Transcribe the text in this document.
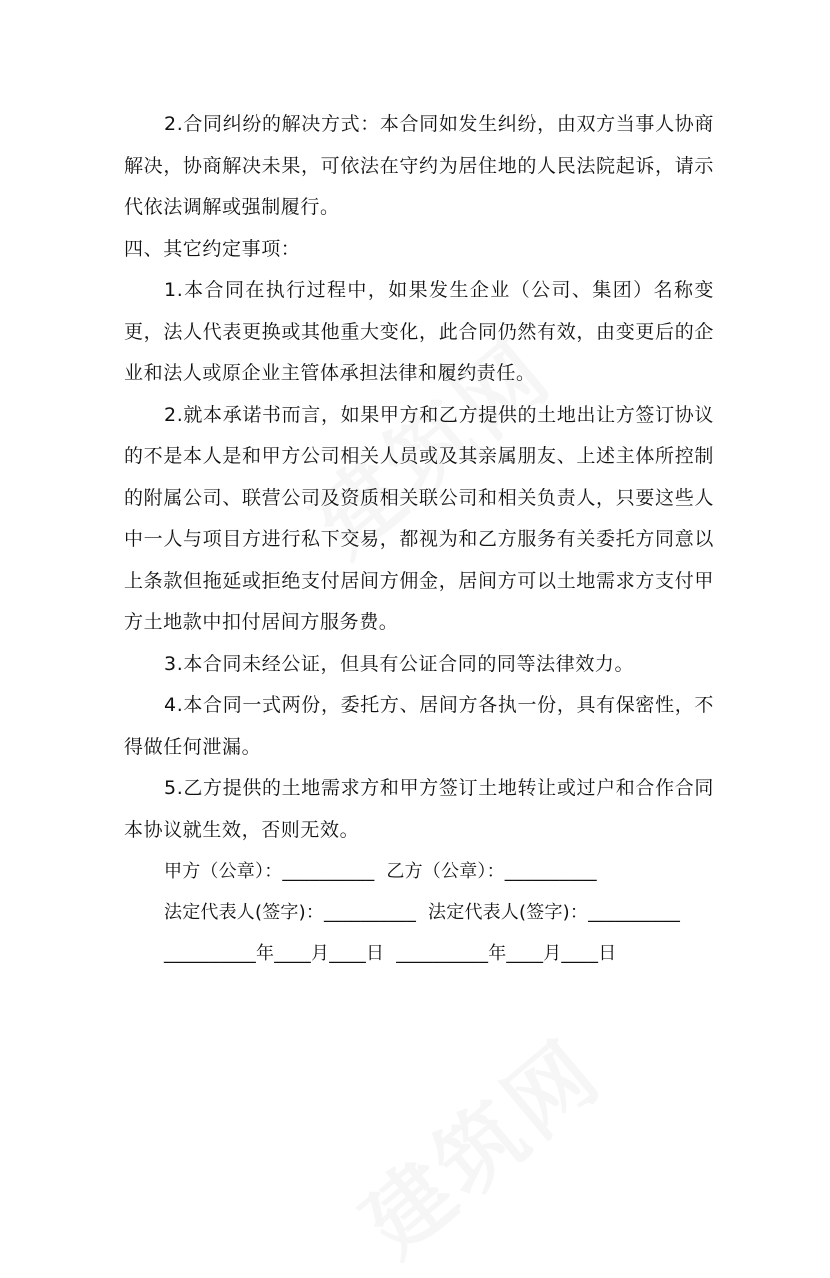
2.合同纠纷的解决方式：本合同如发生纠纷，由双方当事人协商解决，协商解决未果，可依法在守约为居住地的人民法院起诉，请示代依法调解或强制履行。

四、其它约定事项：

1.本合同在执行过程中，如果发生企业（公司、集团）名称变更，法人代表更换或其他重大变化，此合同仍然有效，由变更后的企业和法人或原企业主管体承担法律和履约责任。

2.就本承诺书而言，如果甲方和乙方提供的土地出让方签订协议的不是本人是和甲方公司相关人员或及其亲属朋友、上述主体所控制的附属公司、联营公司及资质相关联公司和相关负责人，只要这些人中一人与项目方进行私下交易，都视为和乙方服务有关委托方同意以上条款但拖延或拒绝支付居间方佣金，居间方可以土地需求方支付甲方土地款中扣付居间方服务费。

3.本合同未经公证，但具有公证合同的同等法律效力。

4.本合同一式两份，委托方、居间方各执一份，具有保密性，不得做任何泄漏。

5.乙方提供的土地需求方和甲方签订土地转让或过户和合作合同本协议就生效，否则无效。

甲方（公章）：__________ 乙方（公章）：__________

法定代表人(签字)：__________ 法定代表人(签字)：__________

__________年____月____日 __________年____月____日
